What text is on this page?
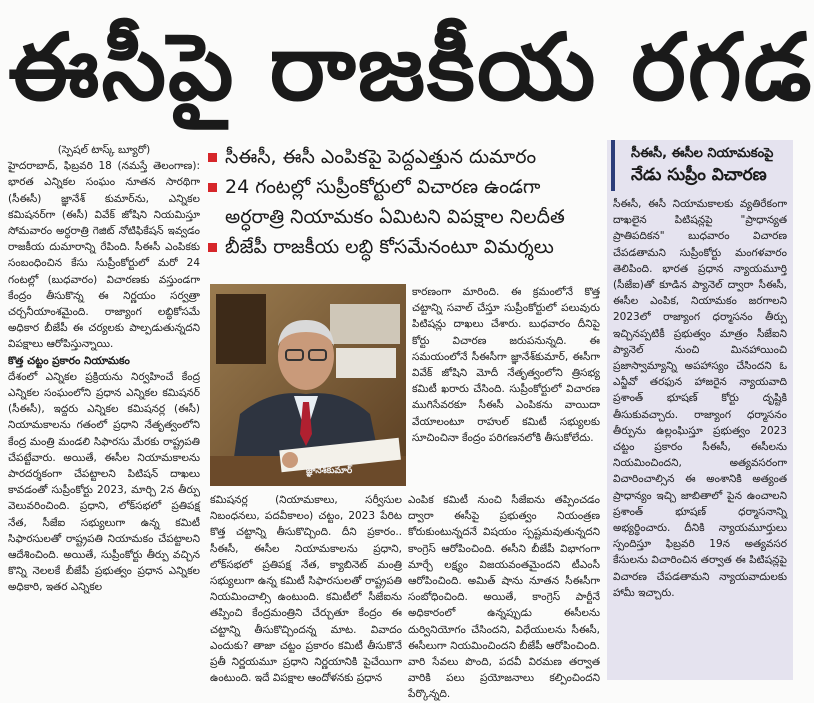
ఈసీపై రాజకీయ రగడ

(స్పెషల్ టాస్క్ బ్యూరో)

హైదరాబాద్, ఫిబ్రవరి 18 (నమస్తే తెలంగాణ): భారత ఎన్నికల సంఘం నూతన సారథిగా (సీఈసీ) జ్ఞానేశ్ కుమార్‌ను, ఎన్నికల కమిషనర్‌గా (ఈసీ) వివేక్ జోషిని నియమిస్తూ సోమవారం అర్ధరాత్రి గెజిట్ నోటిఫికేషన్ ఇవ్వడం రాజకీయ దుమారాన్ని రేపింది. సీఈసీ ఎంపికకు సంబంధించిన కేసు సుప్రీంకోర్టులో మరో 24 గంటల్లో (బుధవారం) విచారణకు వస్తుండగా కేంద్రం తీసుకొన్న ఈ నిర్ణయం సర్వత్రా చర్చనీయాంశమైంది. రాజ్యాంగ లబ్ధికోసమే అధికార బీజేపీ ఈ చర్యలకు పాల్పడుతున్నదని విపక్షాలు ఆరోపిస్తున్నాయి.

కొత్త చట్టం ప్రకారం నియామకం

దేశంలో ఎన్నికల ప్రక్రియను నిర్వహించే కేంద్ర ఎన్నికల సంఘంలోని ప్రధాన ఎన్నికల కమిషనర్ (సీఈసీ), ఇద్దరు ఎన్నికల కమిషనర్ల (ఈసీ) నియామకాలను గతంలో ప్రధాని నేతృత్వంలోని కేంద్ర మంత్రి మండలి సిఫారసు మేరకు రాష్ట్రపతి చేపట్టేవారు. అయితే, ఈసీల నియామకాలను పారదర్శకంగా చేపట్టాలని పిటిషన్ దాఖలు కావడంతో సుప్రీంకోర్టు 2023, మార్చి 2న తీర్పు వెలువరించింది. ప్రధాని, లోక్‌సభలో ప్రతిపక్ష నేత, సీజేఐ సభ్యులుగా ఉన్న కమిటీ సిఫారసులతో రాష్ట్రపతి నియామకం చేపట్టాలని ఆదేశించింది. అయితే, సుప్రీంకోర్టు తీర్పు వచ్చిన కొన్ని నెలలకే బీజేపీ ప్రభుత్వం ప్రధాన ఎన్నికల అధికారి, ఇతర ఎన్నికల

సీఈసీ, ఈసీ ఎంపికపై పెద్దఎత్తున దుమారం
24 గంటల్లో సుప్రీంకోర్టులో విచారణ ఉండగా
అర్ధరాత్రి నియామకం ఏమిటని విపక్షాల నిలదీత
బీజేపీ రాజకీయ లబ్ధి కోసమేనంటూ విమర్శలు
జ్ఞానేశ్‌కుమార్

కారణంగా మారింది. ఈ క్రమంలోనే కొత్త చట్టాన్ని సవాల్ చేస్తూ సుప్రీంకోర్టులో పలువురు పిటిషన్లు దాఖలు చేశారు. బుధవారం దీనిపై కోర్టు విచారణ జరుపనున్నది. ఈ సమయంలోనే సీఈసీగా జ్ఞానేశ్‌కుమార్, ఈసీగా వివేక్ జోషిని మోదీ నేతృత్వంలోని త్రిసభ్య కమిటీ ఖరారు చేసింది. సుప్రీంకోర్టులో విచారణ ముగిసేవరకూ సీఈసీ ఎంపికను వాయిదా వేయాలంటూ రాహుల్ కమిటీ సభ్యులకు సూచించినా కేంద్రం పరిగణనలోకి తీసుకోలేదు.

కమిషనర్ల (నియామకాలు, సర్వీసుల నిబంధనలు, పదవీకాలం) చట్టం, 2023 పేరిట కొత్త చట్టాన్ని తీసుకొచ్చింది. దీని ప్రకారం.. సీఈసీ, ఈసీల నియామకాలను ప్రధాని, లోక్‌సభలో ప్రతిపక్ష నేత, క్యాబినెట్ మంత్రి సభ్యులుగా ఉన్న కమిటీ సిఫారసులతో రాష్ట్రపతి నియమించాల్సి ఉంటుంది. కమిటీలో సీజేఐను తప్పించి కేంద్రమంత్రిని చేర్చుతూ కేంద్రం ఈ చట్టాన్ని తీసుకొచ్చిందన్న మాట. వివాదం ఎందుకు? తాజా చట్టం ప్రకారం కమిటీ తీసుకొనే ప్రతీ నిర్ణయమూ ప్రధాని నిర్ణయానికి పైచేయిగా ఉంటుంది. ఇదే విపక్షాల ఆందోళనకు ప్రధాన

ఎంపిక కమిటీ నుంచి సీజేఐను తప్పించడం ద్వారా ఈసీపై ప్రభుత్వం నియంత్రణ కోరుకుంటున్నదనే విషయం స్పష్టమవుతున్నదని కాంగ్రెస్ ఆరోపించింది. ఈసీని బీజేపీ విభాగంగా మార్చే లక్ష్యం విజయవంతమైందని టీఎంసీ ఆరోపించింది. అమిత్ షాను నూతన సీఈసీగా సంబోధించింది. అయితే, కాంగ్రెస్ పార్టీనే అధికారంలో ఉన్నప్పుడు ఈసీలను దుర్వినియోగం చేసిందని, విధేయులను సీఈసీ, ఈసీలుగా నియమించిందని బీజేపీ ఆరోపించింది. వారి సేవలు పొంది, పదవీ విరమణ తర్వాత వారికి పలు ప్రయోజనాలు కల్పించిందని పేర్కొన్నది.

సీఈసీ, ఈసీల నియామకంపై
నేడు సుప్రీం విచారణ

సీఈసీ, ఈసీ నియామకాలకు వ్యతిరేకంగా దాఖలైన పిటిషన్లపై "ప్రాధాన్యత ప్రాతిపదికన" బుధవారం విచారణ చేపడతామని సుప్రీంకోర్టు మంగళవారం తెలిపింది. భారత ప్రధాన న్యాయమూర్తి (సీజేఐ)తో కూడిన ప్యానెల్ ద్వారా సీఈసీ, ఈసీల ఎంపిక, నియామకం జరగాలని 2023లో రాజ్యాంగ ధర్మాసనం తీర్పు ఇచ్చినప్పటికీ ప్రభుత్వం మాత్రం సీజేఐని ప్యానెల్ నుంచి మినహాయించి ప్రజాస్వామ్యాన్ని అపహాస్యం చేసిందని ఓ ఎన్జీవో తరఫున హాజరైన న్యాయవాది ప్రశాంత్ భూషణ్ కోర్టు దృష్టికి తీసుకువచ్చారు. రాజ్యాంగ ధర్మాసనం తీర్పును ఉల్లంఘిస్తూ ప్రభుత్వం 2023 చట్టం ప్రకారం సీఈసీ, ఈసీలను నియమించిందని, అత్యవసరంగా విచారించాల్సిన ఈ అంశానికి అత్యంత ప్రాధాన్యం ఇచ్చి జాబితాలో పైన ఉంచాలని ప్రశాంత్ భూషణ్ ధర్మాసనాన్ని అభ్యర్థించారు. దీనికి న్యాయమూర్తులు స్పందిస్తూ ఫిబ్రవరి 19న అత్యవసర కేసులను విచారించిన తర్వాత ఈ పిటిషన్లపై విచారణ చేపడతామని న్యాయవాదులకు హామీ ఇచ్చారు.
